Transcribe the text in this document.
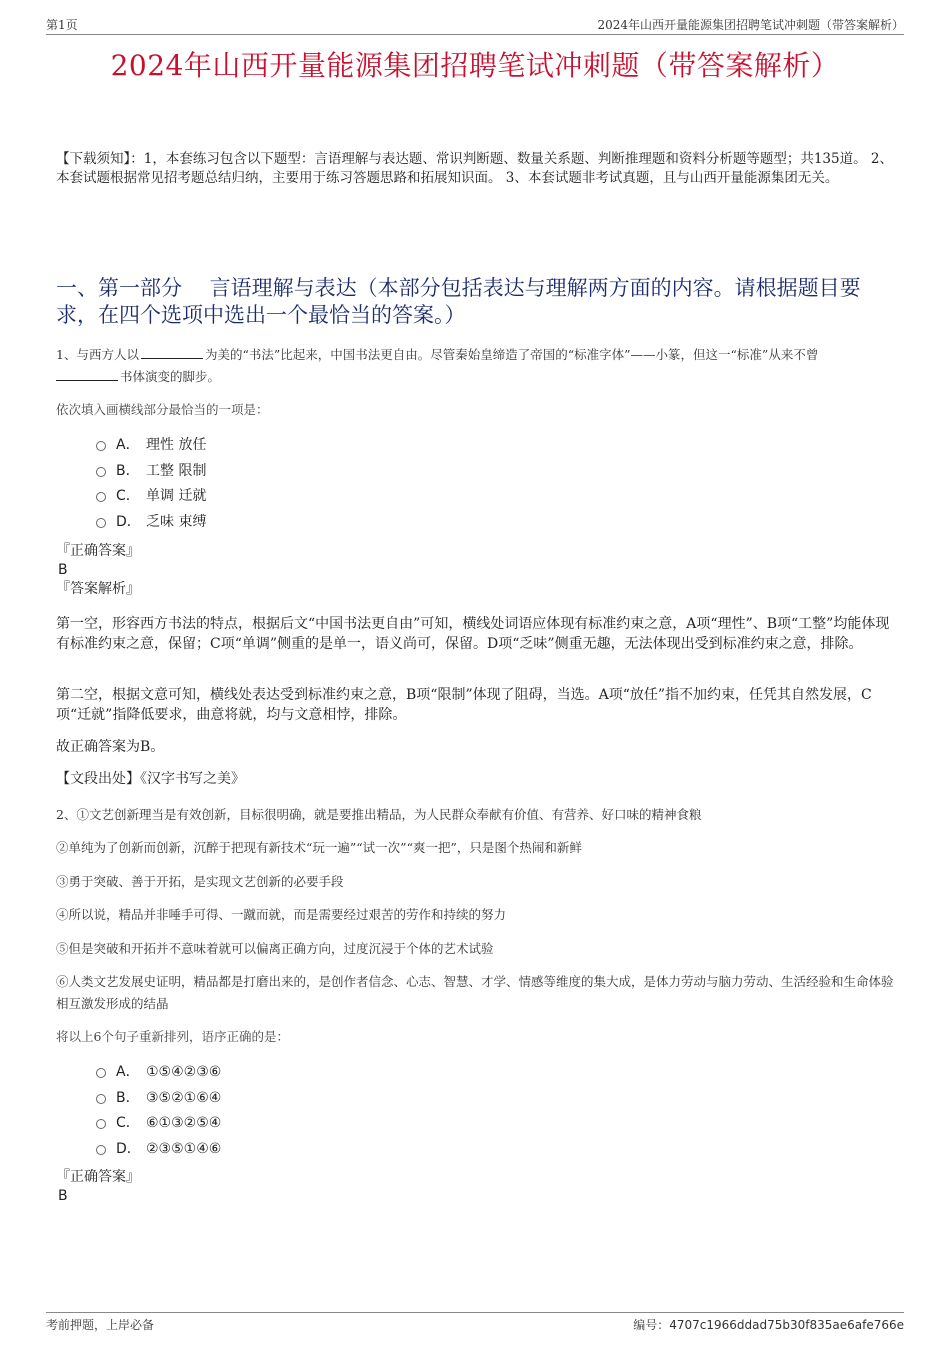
第1页	2024年山西开量能源集团招聘笔试冲刺题（带答案解析）
2024年山西开量能源集团招聘笔试冲刺题（带答案解析）
【下载须知】：1，本套练习包含以下题型：言语理解与表达题、常识判断题、数量关系题、判断推理题和资料分析题等题型；共135道。 2、本套试题根据常见招考题总结归纳，主要用于练习答题思路和拓展知识面。 3、本套试题非考试真题，且与山西开量能源集团无关。
一、第一部分　 言语理解与表达（本部分包括表达与理解两方面的内容。请根据题目要求，在四个选项中选出一个最恰当的答案。）

1、与西方人以	为美的“书法”比起来，中国书法更自由。尽管秦始皇缔造了帝国的“标准字体”——小篆，但这一“标准”从来不曾
书体演变的脚步。

依次填入画横线部分最恰当的一项是：

A． 理性 放任
B． 工整 限制
C． 单调 迁就
D． 乏味 束缚

『正确答案』

B

『答案解析』

第一空，形容西方书法的特点，根据后文“中国书法更自由”可知，横线处词语应体现有标准约束之意，A项“理性”、B项“工整”均能体现有标准约束之意，保留；C项“单调”侧重的是单一，语义尚可，保留。D项“乏味”侧重无趣，无法体现出受到标准约束之意，排除。

第二空，根据文意可知，横线处表达受到标准约束之意，B项“限制”体现了阻碍，当选。A项“放任”指不加约束，任凭其自然发展，C项“迁就”指降低要求，曲意将就，均与文意相悖，排除。

故正确答案为B。

【文段出处】《汉字书写之美》

2、①文艺创新理当是有效创新，目标很明确，就是要推出精品，为人民群众奉献有价值、有营养、好口味的精神食粮

②单纯为了创新而创新，沉醉于把现有新技术“玩一遍”“试一次”“爽一把”，只是图个热闹和新鲜

③勇于突破、善于开拓，是实现文艺创新的必要手段

④所以说，精品并非唾手可得、一蹴而就，而是需要经过艰苦的劳作和持续的努力

⑤但是突破和开拓并不意味着就可以偏离正确方向，过度沉浸于个体的艺术试验

⑥人类文艺发展史证明，精品都是打磨出来的，是创作者信念、心志、智慧、才学、情感等维度的集大成，是体力劳动与脑力劳动、生活经验和生命体验相互激发形成的结晶

将以上6个句子重新排列，语序正确的是：

A． ①⑤④②③⑥
B． ③⑤②①⑥④
C． ⑥①③②⑤④
D． ②③⑤①④⑥

『正确答案』

B

考前押题，上岸必备	编号：4707c1966ddad75b30f835ae6afe766e
